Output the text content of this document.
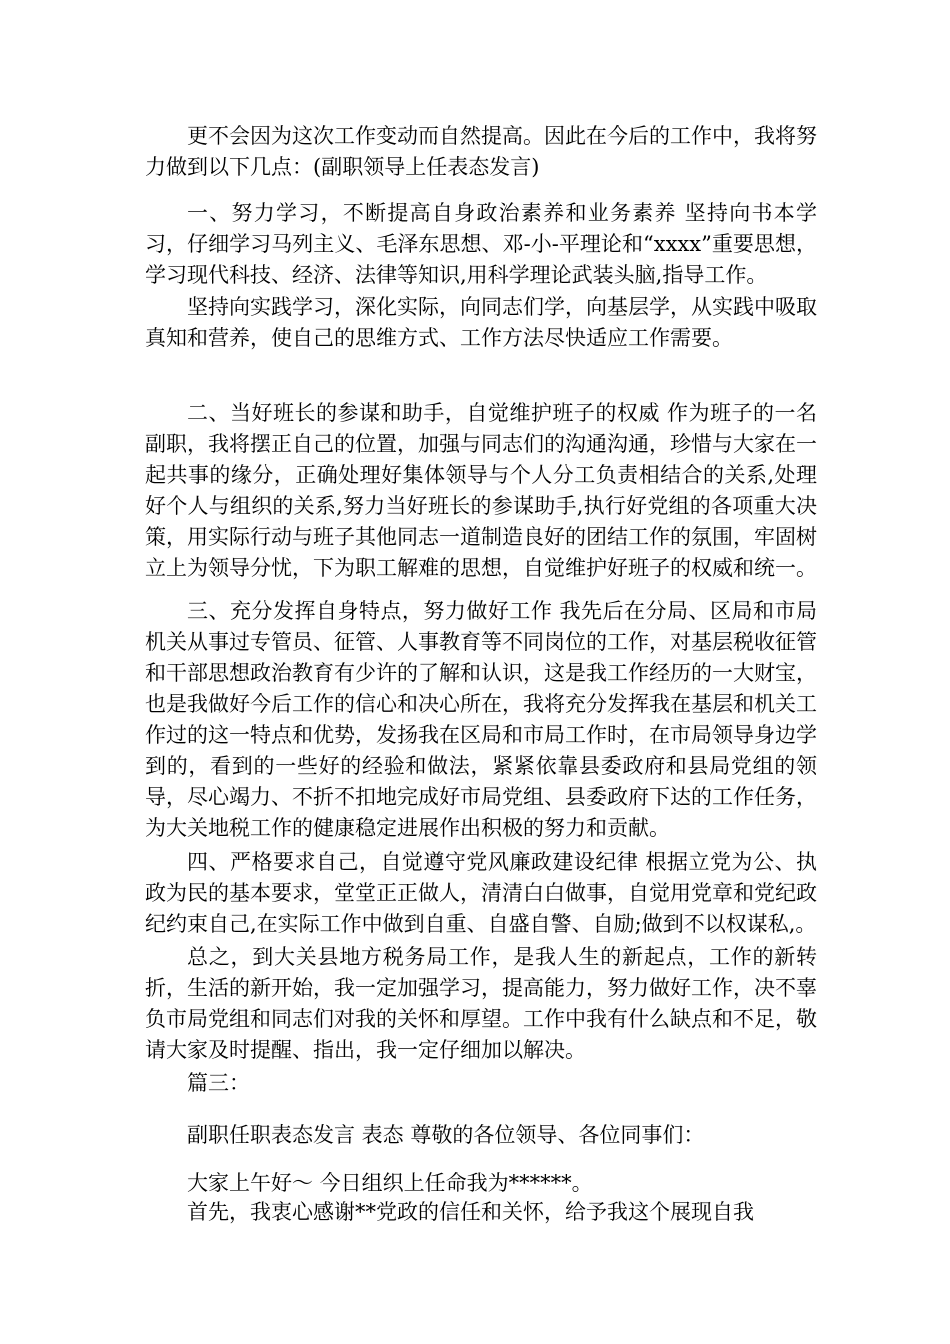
更不会因为这次工作变动而自然提高。因此在今后的工作中，我将努力做到以下几点：(副职领导上任表态发言)

一、努力学习，不断提高自身政治素养和业务素养 坚持向书本学习，仔细学习马列主义、毛泽东思想、邓-小-平理论和“xxxx”重要思想，学习现代科技、经济、法律等知识,用科学理论武装头脑,指导工作。

坚持向实践学习，深化实际，向同志们学，向基层学，从实践中吸取真知和营养，使自己的思维方式、工作方法尽快适应工作需要。

二、当好班长的参谋和助手，自觉维护班子的权威 作为班子的一名副职，我将摆正自己的位置，加强与同志们的沟通沟通，珍惜与大家在一起共事的缘分，正确处理好集体领导与个人分工负责相结合的关系,处理好个人与组织的关系,努力当好班长的参谋助手,执行好党组的各项重大决策，用实际行动与班子其他同志一道制造良好的团结工作的氛围，牢固树立上为领导分忧，下为职工解难的思想，自觉维护好班子的权威和统一。

三、充分发挥自身特点，努力做好工作 我先后在分局、区局和市局机关从事过专管员、征管、人事教育等不同岗位的工作，对基层税收征管和干部思想政治教育有少许的了解和认识，这是我工作经历的一大财宝，也是我做好今后工作的信心和决心所在，我将充分发挥我在基层和机关工作过的这一特点和优势，发扬我在区局和市局工作时，在市局领导身边学到的，看到的一些好的经验和做法，紧紧依靠县委政府和县局党组的领导，尽心竭力、不折不扣地完成好市局党组、县委政府下达的工作任务，为大关地税工作的健康稳定进展作出积极的努力和贡献。

四、严格要求自己，自觉遵守党风廉政建设纪律 根据立党为公、执政为民的基本要求，堂堂正正做人，清清白白做事，自觉用党章和党纪政纪约束自己,在实际工作中做到自重、自盛自警、自励;做到不以权谋私,。

总之，到大关县地方税务局工作，是我人生的新起点，工作的新转折，生活的新开始，我一定加强学习，提高能力，努力做好工作，决不辜负市局党组和同志们对我的关怀和厚望。工作中我有什么缺点和不足，敬请大家及时提醒、指出，我一定仔细加以解决。

篇三：

副职任职表态发言 表态 尊敬的各位领导、各位同事们：

大家上午好～ 今日组织上任命我为******。

首先，我衷心感谢**党政的信任和关怀，给予我这个展现自我
